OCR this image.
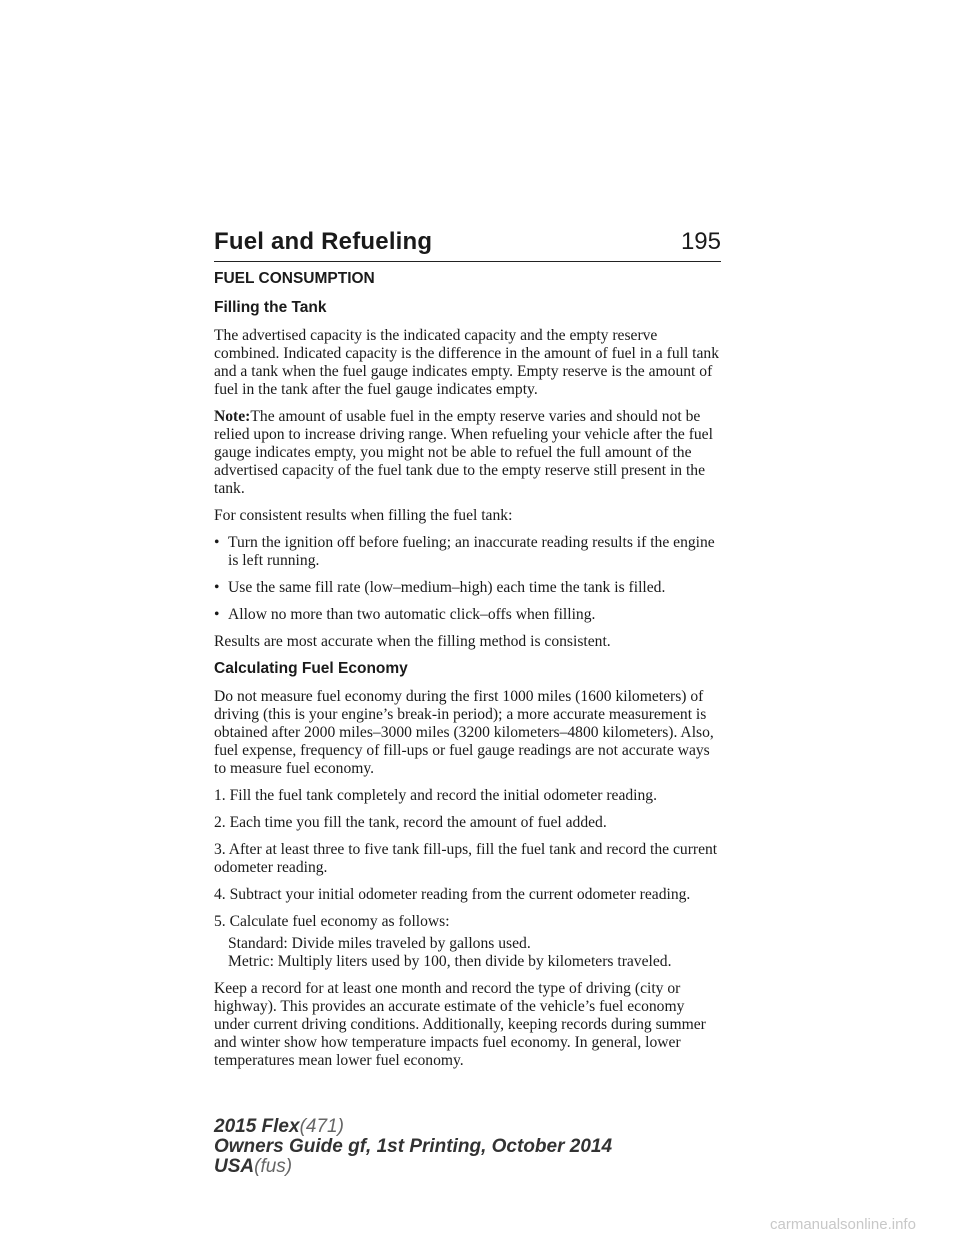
Fuel and Refueling	195
FUEL CONSUMPTION
Filling the Tank

The advertised capacity is the indicated capacity and the empty reserve combined. Indicated capacity is the difference in the amount of fuel in a full tank and a tank when the fuel gauge indicates empty. Empty reserve is the amount of fuel in the tank after the fuel gauge indicates empty.

Note:The amount of usable fuel in the empty reserve varies and should not be relied upon to increase driving range. When refueling your vehicle after the fuel gauge indicates empty, you might not be able to refuel the full amount of the advertised capacity of the fuel tank due to the empty reserve still present in the tank.

For consistent results when filling the fuel tank:

• Turn the ignition off before fueling; an inaccurate reading results if the engine is left running.
• Use the same fill rate (low–medium–high) each time the tank is filled.
• Allow no more than two automatic click–offs when filling.

Results are most accurate when the filling method is consistent.

Calculating Fuel Economy

Do not measure fuel economy during the first 1000 miles (1600 kilometers) of driving (this is your engine’s break-in period); a more accurate measurement is obtained after 2000 miles–3000 miles (3200 kilometers–4800 kilometers). Also, fuel expense, frequency of fill-ups or fuel gauge readings are not accurate ways to measure fuel economy.

1. Fill the fuel tank completely and record the initial odometer reading.

2. Each time you fill the tank, record the amount of fuel added.

3. After at least three to five tank fill-ups, fill the fuel tank and record the current odometer reading.

4. Subtract your initial odometer reading from the current odometer reading.

5. Calculate fuel economy as follows:

Standard: Divide miles traveled by gallons used.

Metric: Multiply liters used by 100, then divide by kilometers traveled.

Keep a record for at least one month and record the type of driving (city or highway). This provides an accurate estimate of the vehicle’s fuel economy under current driving conditions. Additionally, keeping records during summer and winter show how temperature impacts fuel economy. In general, lower temperatures mean lower fuel economy.

2015 Flex(471)
Owners Guide gf, 1st Printing, October 2014
USA(fus)
carmanualsonline.info
